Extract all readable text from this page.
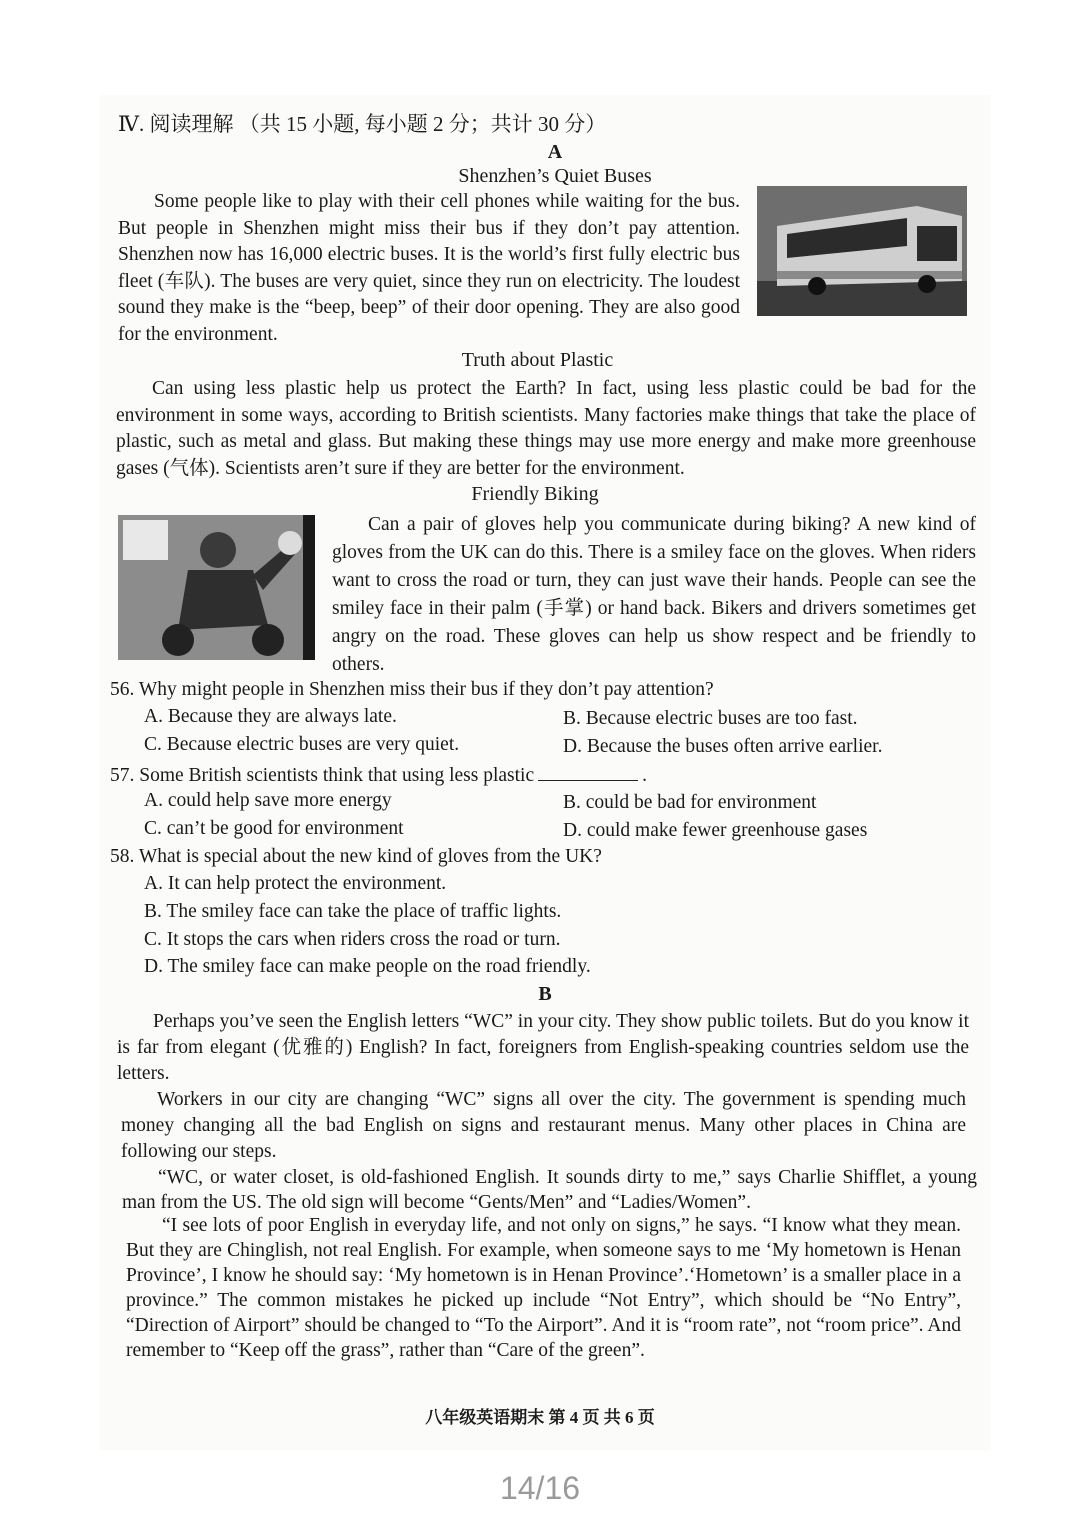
Ⅳ. 阅读理解 （共 15 小题, 每小题 2 分；共计 30 分）
A
Shenzhen’s Quiet Buses

Some people like to play with their cell phones while waiting for the bus. But people in Shenzhen might miss their bus if they don’t pay attention. Shenzhen now has 16,000 electric buses. It is the world’s first fully electric bus fleet (车队). The buses are very quiet, since they run on electricity. The loudest sound they make is the “beep, beep” of their door opening. They are also good for the environment.

Truth about Plastic

Can using less plastic help us protect the Earth? In fact, using less plastic could be bad for the environment in some ways, according to British scientists. Many factories make things that take the place of plastic, such as metal and glass. But making these things may use more energy and make more greenhouse gases (气体). Scientists aren’t sure if they are better for the environment.

Friendly Biking

Can a pair of gloves help you communicate during biking? A new kind of gloves from the UK can do this. There is a smiley face on the gloves. When riders want to cross the road or turn, they can just wave their hands. People can see the smiley face in their palm (手掌) or hand back. Bikers and drivers sometimes get angry on the road. These gloves can help us show respect and be friendly to others.

56. Why might people in Shenzhen miss their bus if they don’t pay attention?
A. Because they are always late.	B. Because electric buses are too fast.
C. Because electric buses are very quiet.	D. Because the buses often arrive earlier.
57. Some British scientists think that using less plastic	.
A. could help save more energy	B. could be bad for environment
C. can’t be good for environment	D. could make fewer greenhouse gases
58. What is special about the new kind of gloves from the UK?
A. It can help protect the environment.
B. The smiley face can take the place of traffic lights.
C. It stops the cars when riders cross the road or turn.
D. The smiley face can make people on the road friendly.
B

Perhaps you’ve seen the English letters “WC” in your city. They show public toilets. But do you know it is far from elegant (优雅的) English? In fact, foreigners from English-speaking countries seldom use the letters.

Workers in our city are changing “WC” signs all over the city. The government is spending much money changing all the bad English on signs and restaurant menus. Many other places in China are following our steps.

“WC, or water closet, is old-fashioned English. It sounds dirty to me,” says Charlie Shifflet, a young man from the US. The old sign will become “Gents/Men” and “Ladies/Women”.

“I see lots of poor English in everyday life, and not only on signs,” he says. “I know what they mean. But they are Chinglish, not real English. For example, when someone says to me ‘My hometown is Henan Province’, I know he should say: ‘My hometown is in Henan Province’.‘Hometown’ is a smaller place in a province.” The common mistakes he picked up include “Not Entry”, which should be “No Entry”, “Direction of Airport” should be changed to “To the Airport”. And it is “room rate”, not “room price”. And remember to “Keep off the grass”, rather than “Care of the green”.

八年级英语期末 第 4 页 共 6 页
14/16
